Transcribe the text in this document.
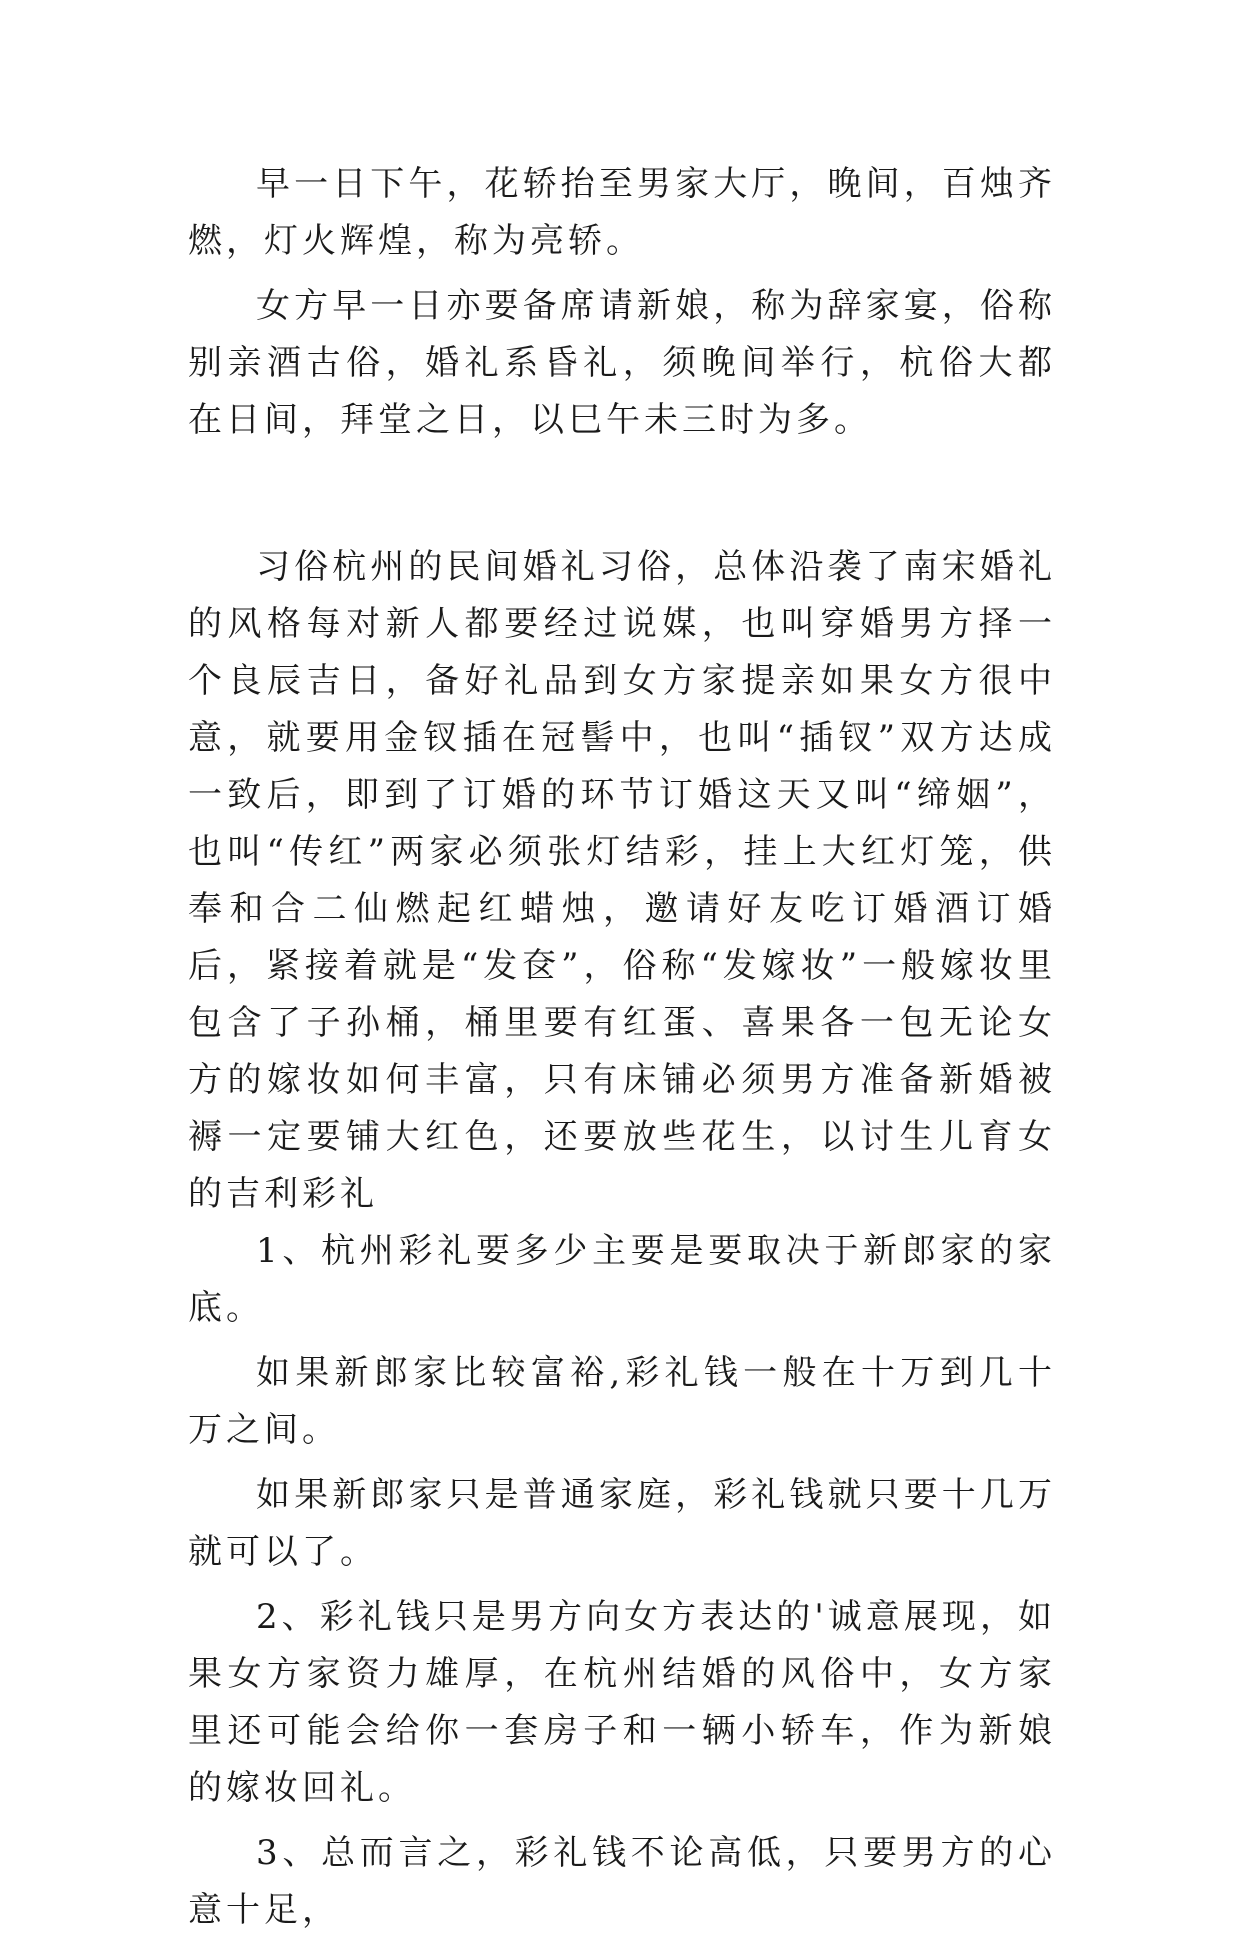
早一日下午，花轿抬至男家大厅，晚间，百烛齐燃，灯火辉煌，称为亮轿。

女方早一日亦要备席请新娘，称为辞家宴，俗称别亲酒古俗，婚礼系昏礼，须晚间举行，杭俗大都在日间，拜堂之日，以巳午未三时为多。

习俗杭州的民间婚礼习俗，总体沿袭了南宋婚礼的风格每对新人都要经过说媒，也叫穿婚男方择一个良辰吉日，备好礼品到女方家提亲如果女方很中意，就要用金钗插在冠髻中，也叫“插钗”双方达成一致后，即到了订婚的环节订婚这天又叫“缔姻”，也叫“传红”两家必须张灯结彩，挂上大红灯笼，供奉和合二仙燃起红蜡烛，邀请好友吃订婚酒订婚后，紧接着就是“发奁”，俗称“发嫁妆”一般嫁妆里包含了子孙桶，桶里要有红蛋、喜果各一包无论女方的嫁妆如何丰富，只有床铺必须男方准备新婚被褥一定要铺大红色，还要放些花生，以讨生儿育女的吉利彩礼

1、杭州彩礼要多少主要是要取决于新郎家的家底。

如果新郎家比较富裕,彩礼钱一般在十万到几十万之间。

如果新郎家只是普通家庭，彩礼钱就只要十几万就可以了。

2、彩礼钱只是男方向女方表达的'诚意展现，如果女方家资力雄厚，在杭州结婚的风俗中，女方家里还可能会给你一套房子和一辆小轿车，作为新娘的嫁妆回礼。

3、总而言之，彩礼钱不论高低，只要男方的心意十足，
